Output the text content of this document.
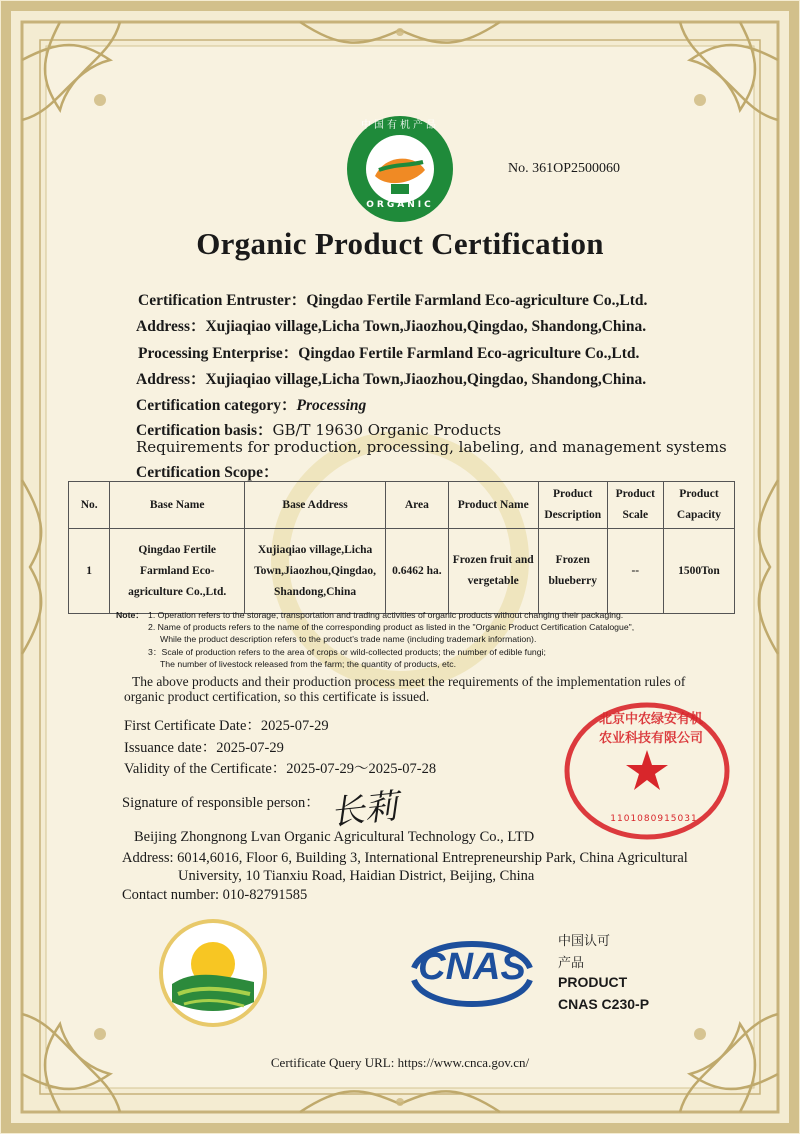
中国有机产品
ORGANIC
No. 361OP2500060
Organic Product Certification
Certification Entruster：Qingdao Fertile Farmland Eco-agriculture Co.,Ltd.
Address：Xujiaqiao village,Licha Town,Jiaozhou,Qingdao, Shandong,China.
Processing Enterprise：Qingdao Fertile Farmland Eco-agriculture Co.,Ltd.
Address：Xujiaqiao village,Licha Town,Jiaozhou,Qingdao, Shandong,China.
Certification category：Processing
Certification basis：GB/T 19630 Organic Products
Requirements for production, processing, labeling, and management systems
Certification Scope：
No.	Base Name	Base Address	Area	Product Name	Product Description	Product Scale	Product Capacity
1	Qingdao Fertile Farmland Eco-agriculture Co.,Ltd.	Xujiaqiao village,Licha Town,Jiaozhou,Qingdao, Shandong,China	0.6462 ha.	Frozen fruit and vergetable	Frozen blueberry	--	1500Ton
Note： 1. Operation refers to the storage, transportation and trading activities of organic products without changing their packaging.
2. Name of products refers to the name of the corresponding product as listed in the "Organic Product Certification Catalogue",
While the product description refers to the product's trade name (including trademark information).
3：Scale of production refers to the area of crops or wild-collected products; the number of edible fungi;
The number of livestock released from the farm; the quantity of products, etc.
The above products and their production process meet the requirements of the implementation rules of
organic product certification, so this certificate is issued.
First Certificate Date：2025-07-29
Issuance date：2025-07-29
Validity of the Certificate：2025-07-29～2025-07-28
Signature of responsible person： 长莉
北京中农绿安有机农业科技有限公司
1101080915031
Beijing Zhongnong Lvan Organic Agricultural Technology Co., LTD
Address: 6014,6016, Floor 6, Building 3, International Entrepreneurship Park, China Agricultural
University, 10 Tianxiu Road, Haidian District, Beijing, China
Contact number: 010-82791585
CNAS
中国认可
产品
PRODUCT
CNAS C230-P
Certificate Query URL: https://www.cnca.gov.cn/
